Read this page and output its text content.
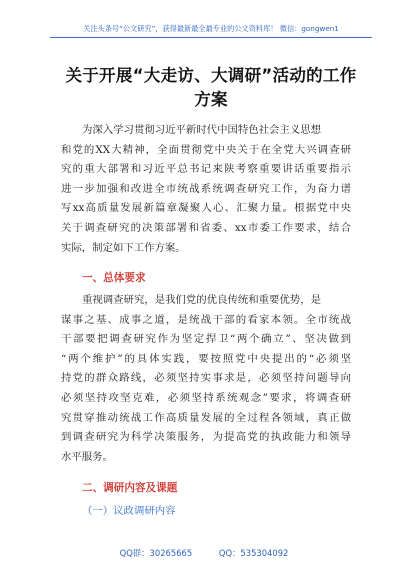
关注头条号“公文研究”，获得最新最全最专业的公文资料库！ 微信：gongwen1
关于开展“大走访、大调研”活动的工作
方案
为深入学习贯彻习近平新时代中国特色社会主义思想
和党的XX大精神，全面贯彻党中央关于在全党大兴调查研
究的重大部署和习近平总书记来陕考察重要讲话重要指示
进一步加强和改进全市统战系统调查研究工作，为奋力谱
写xx高质量发展新篇章凝聚人心、汇聚力量。根据党中央
关于调查研究的决策部署和省委、xx市委工作要求，结合
实际，制定如下工作方案。
一、总体要求
重视调查研究，是我们党的优良传统和重要优势，是
谋事之基、成事之道，是统战干部的看家本领。全市统战
干部要把调查研究作为坚定捍卫“两个确立”、坚决做到
“两个维护”的具体实践，要按照党中央提出的“必须坚
持党的群众路线，必须坚持实事求是，必须坚持问题导向
必须坚持攻坚克难，必须坚持系统观念”要求，将调查研
究贯穿推动统战工作高质量发展的全过程各领域，真正做
到调查研究为科学决策服务，为提高党的执政能力和领导
水平服务。
二、调研内容及课题
（一）议政调研内容
QQ群：30265665	QQ：535304092
